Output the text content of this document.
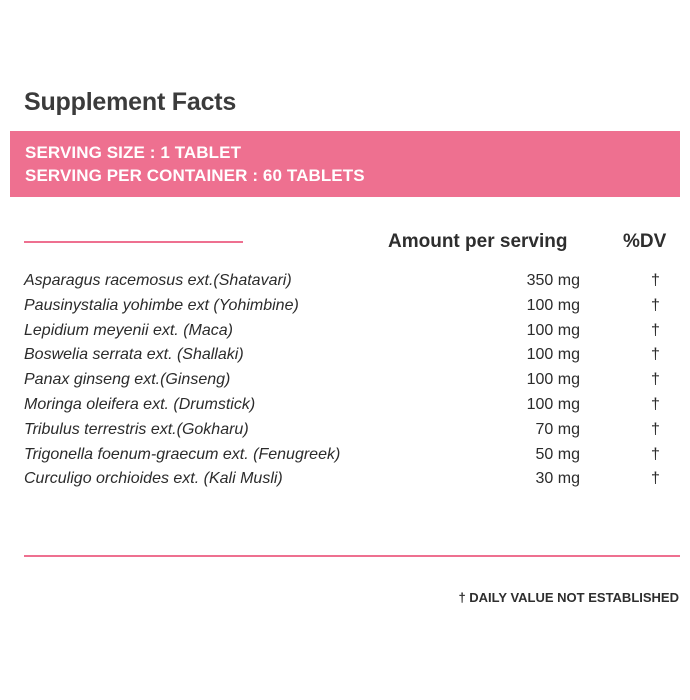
Supplement Facts
SERVING SIZE : 1 TABLET
SERVING PER CONTAINER : 60 TABLETS
Amount per serving	%DV
Asparagus racemosus ext.(Shatavari)	350 mg	†
Pausinystalia yohimbe ext (Yohimbine)	100 mg	†
Lepidium meyenii ext. (Maca)	100 mg	†
Boswelia serrata ext. (Shallaki)	100 mg	†
Panax ginseng ext.(Ginseng)	100 mg	†
Moringa oleifera ext. (Drumstick)	100 mg	†
Tribulus terrestris ext.(Gokharu)	70 mg	†
Trigonella foenum-graecum ext. (Fenugreek)	50 mg	†
Curculigo orchioides ext. (Kali Musli)	30 mg	†
† DAILY VALUE NOT ESTABLISHED
